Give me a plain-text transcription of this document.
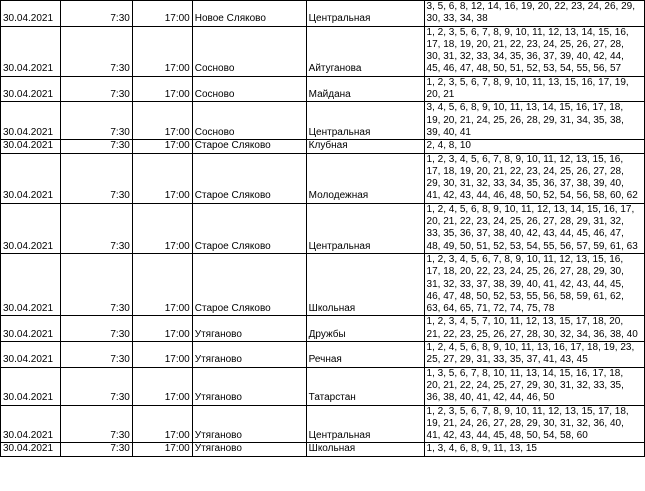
30.04.2021	7:30	17:00	Новое Сляково	Центральная	3, 5, 6, 8, 12, 14, 16, 19, 20, 22, 23, 24, 26, 29, 30, 33, 34, 38
30.04.2021	7:30	17:00	Сосново	Айтуганова	1, 2, 3, 5, 6, 7, 8, 9, 10, 11, 12, 13, 14, 15, 16, 17, 18, 19, 20, 21, 22, 23, 24, 25, 26, 27, 28, 30, 31, 32, 33, 34, 35, 36, 37, 39, 40, 42, 44, 45, 46, 47, 48, 50, 51, 52, 53, 54, 55, 56, 57
30.04.2021	7:30	17:00	Сосново	Майдана	1, 2, 3, 5, 6, 7, 8, 9, 10, 11, 13, 15, 16, 17, 19, 20, 21
30.04.2021	7:30	17:00	Сосново	Центральная	3, 4, 5, 6, 8, 9, 10, 11, 13, 14, 15, 16, 17, 18, 19, 20, 21, 24, 25, 26, 28, 29, 31, 34, 35, 38, 39, 40, 41
30.04.2021	7:30	17:00	Старое Сляково	Клубная	2, 4, 8, 10
30.04.2021	7:30	17:00	Старое Сляково	Молодежная	1, 2, 3, 4, 5, 6, 7, 8, 9, 10, 11, 12, 13, 15, 16, 17, 18, 19, 20, 21, 22, 23, 24, 25, 26, 27, 28, 29, 30, 31, 32, 33, 34, 35, 36, 37, 38, 39, 40, 41, 42, 43, 44, 46, 48, 50, 52, 54, 56, 58, 60, 62
30.04.2021	7:30	17:00	Старое Сляково	Центральная	1, 2, 4, 5, 6, 8, 9, 10, 11, 12, 13, 14, 15, 16, 17, 20, 21, 22, 23, 24, 25, 26, 27, 28, 29, 31, 32, 33, 35, 36, 37, 38, 40, 42, 43, 44, 45, 46, 47, 48, 49, 50, 51, 52, 53, 54, 55, 56, 57, 59, 61, 63
30.04.2021	7:30	17:00	Старое Сляково	Школьная	1, 2, 3, 4, 5, 6, 7, 8, 9, 10, 11, 12, 13, 15, 16, 17, 18, 20, 22, 23, 24, 25, 26, 27, 28, 29, 30, 31, 32, 33, 37, 38, 39, 40, 41, 42, 43, 44, 45, 46, 47, 48, 50, 52, 53, 55, 56, 58, 59, 61, 62, 63, 64, 65, 71, 72, 74, 75, 78
30.04.2021	7:30	17:00	Утяганово	Дружбы	1, 2, 3, 4, 5, 7, 10, 11, 12, 13, 15, 17, 18, 20, 21, 22, 23, 25, 26, 27, 28, 30, 32, 34, 36, 38, 40
30.04.2021	7:30	17:00	Утяганово	Речная	1, 2, 4, 5, 6, 8, 9, 10, 11, 13, 16, 17, 18, 19, 23, 25, 27, 29, 31, 33, 35, 37, 41, 43, 45
30.04.2021	7:30	17:00	Утяганово	Татарстан	1, 3, 5, 6, 7, 8, 10, 11, 13, 14, 15, 16, 17, 18, 20, 21, 22, 24, 25, 27, 29, 30, 31, 32, 33, 35, 36, 38, 40, 41, 42, 44, 46, 50
30.04.2021	7:30	17:00	Утяганово	Центральная	1, 2, 3, 5, 6, 7, 8, 9, 10, 11, 12, 13, 15, 17, 18, 19, 21, 24, 26, 27, 28, 29, 30, 31, 32, 36, 40, 41, 42, 43, 44, 45, 48, 50, 54, 58, 60
30.04.2021	7:30	17:00	Утяганово	Школьная	1, 3, 4, 6, 8, 9, 11, 13, 15
